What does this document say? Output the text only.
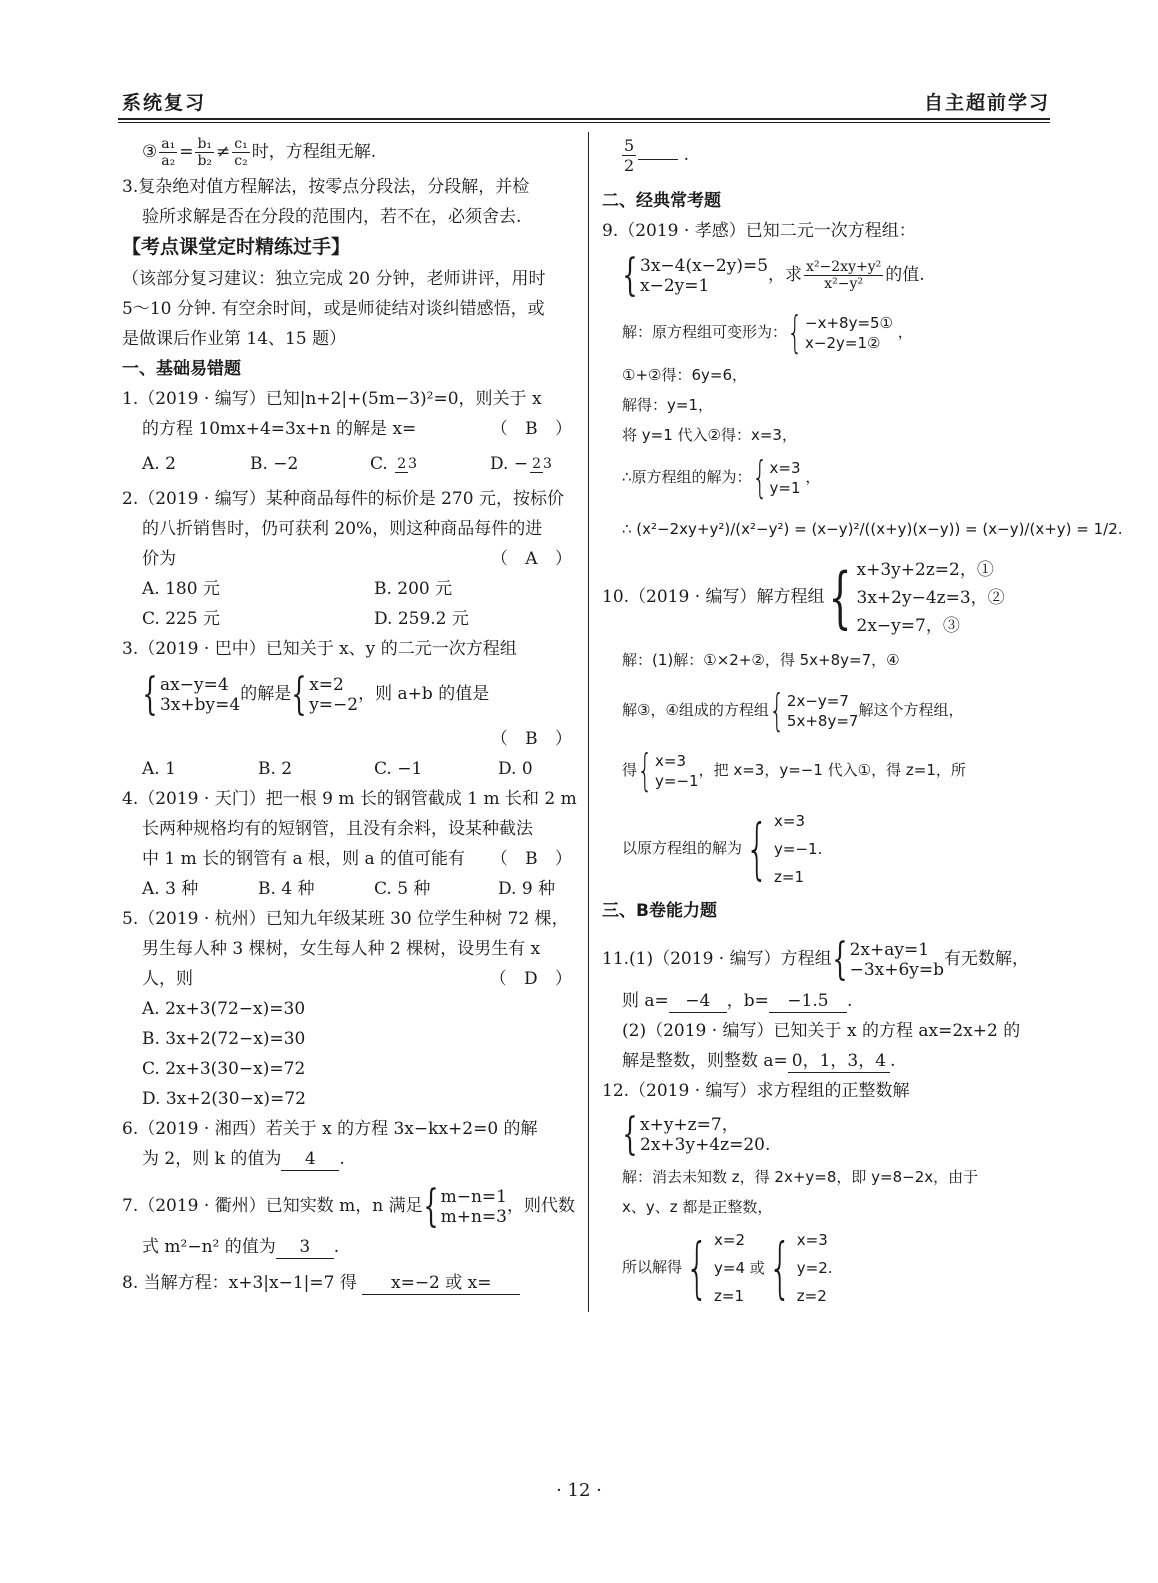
系统复习	自主超前学习
③ $\frac{\text{a₁}}{\text{a₂}} = \frac{\text{b₁}}{\text{b₂}} \ne \frac{\text{c₁}}{\text{c₂}}$ 时，方程组无解.
3.复杂绝对值方程解法，按零点分段法，分段解，并检
验所求解是否在分段的范围内，若不在，必须舍去.
【考点课堂定时精练过手】
（该部分复习建议：独立完成 20 分钟，老师讲评，用时
5～10 分钟. 有空余时间，或是师徒结对谈纠错感悟，或
是做课后作业第 14、15 题）
一、基础易错题
1.（2019 · 编写）已知|n+2|+(5m−3)²=0，则关于 x
的方程 10mx+4=3x+n 的解是 x=	（ B ）
A. 2	B. −2	C. 2 3	D. − 2 3
2.（2019 · 编写）某种商品每件的标价是 270 元，按标价
的八折销售时，仍可获利 20%，则这种商品每件的进
价为	（ A ）
A. 180 元	B. 200 元
C. 225 元	D. 259.2 元
3.（2019 · 巴中）已知关于 x、y 的二元一次方程组
{ ax−y=4
3x+by=4
的解是 { x=2
y=−2
，则 a+b 的值是
（ B ）
A. 1	B. 2	C. −1	D. 0
4.（2019 · 天门）把一根 9 m 长的钢管截成 1 m 长和 2 m
长两种规格均有的短钢管，且没有余料，设某种截法
中 1 m 长的钢管有 a 根，则 a 的值可能有 （ B ）
A. 3 种	B. 4 种	C. 5 种	D. 9 种
5.（2019 · 杭州）已知九年级某班 30 位学生种树 72 棵，
男生每人种 3 棵树，女生每人种 2 棵树，设男生有 x
人，则	（ D ）
A. 2x+3(72−x)=30
B. 3x+2(72−x)=30
C. 2x+3(30−x)=72
D. 3x+2(30−x)=72
6.（2019 · 湘西）若关于 x 的方程 3x−kx+2=0 的解
为 2，则 k 的值为 4 .
7.（2019 · 衢州）已知实数 m，n 满足 { m−n=1
m+n=3
，则代数
式 m²−n² 的值为 3 .
8. 当解方程：x+3|x−1|=7 得 x=−2 或 x=
$\frac{5}{2}$ .
二、经典常考题
9.（2019 · 孝感）已知二元一次方程组：
{ 3x−4(x−2y)=5
x−2y=1
，求 $\frac{\text{x²−2xy+y²}}{\text{x²−y²}}$ 的值.
解：原方程组可变形为： { −x+8y=5①
x−2y=1②
，
①+②得：6y=6，
解得：y=1，
将 y=1 代入②得：x=3，
∴原方程组的解为： { x=3
y=1
，
∴ (x²−2xy+y²)/(x²−y²) = (x−y)²/((x+y)(x−y)) = (x−y)/(x+y) = 1/2.
10.（2019 · 编写）解方程组 { x+3y+2z=2，①
3x+2y−4z=3，②
2x−y=7，③
解：(1)解：①×2+②，得 5x+8y=7，④
解③，④组成的方程组 { 2x−y=7
5x+8y=7
解这个方程组，
得 { x=3
y=−1
，把 x=3，y=−1 代入①，得 z=1，所
以原方程组的解为 { x=3
y=−1.
z=1
三、B卷能力题
11.(1)（2019 · 编写）方程组 { 2x+ay=1
−3x+6y=b
有无数解，
则 a= −4 ，b= −1.5 .
(2)（2019 · 编写）已知关于 x 的方程 ax=2x+2 的
解是整数，则整数 a= 0，1，3，4 .
12.（2019 · 编写）求方程组的正整数解
{ x+y+z=7，
2x+3y+4z=20.
解：消去未知数 z，得 2x+y=8，即 y=8−2x，由于
x、y、z 都是正整数，
所以解得 { x=2
y=4 或
z=1 { x=3
y=2.
z=2
· 12 ·
